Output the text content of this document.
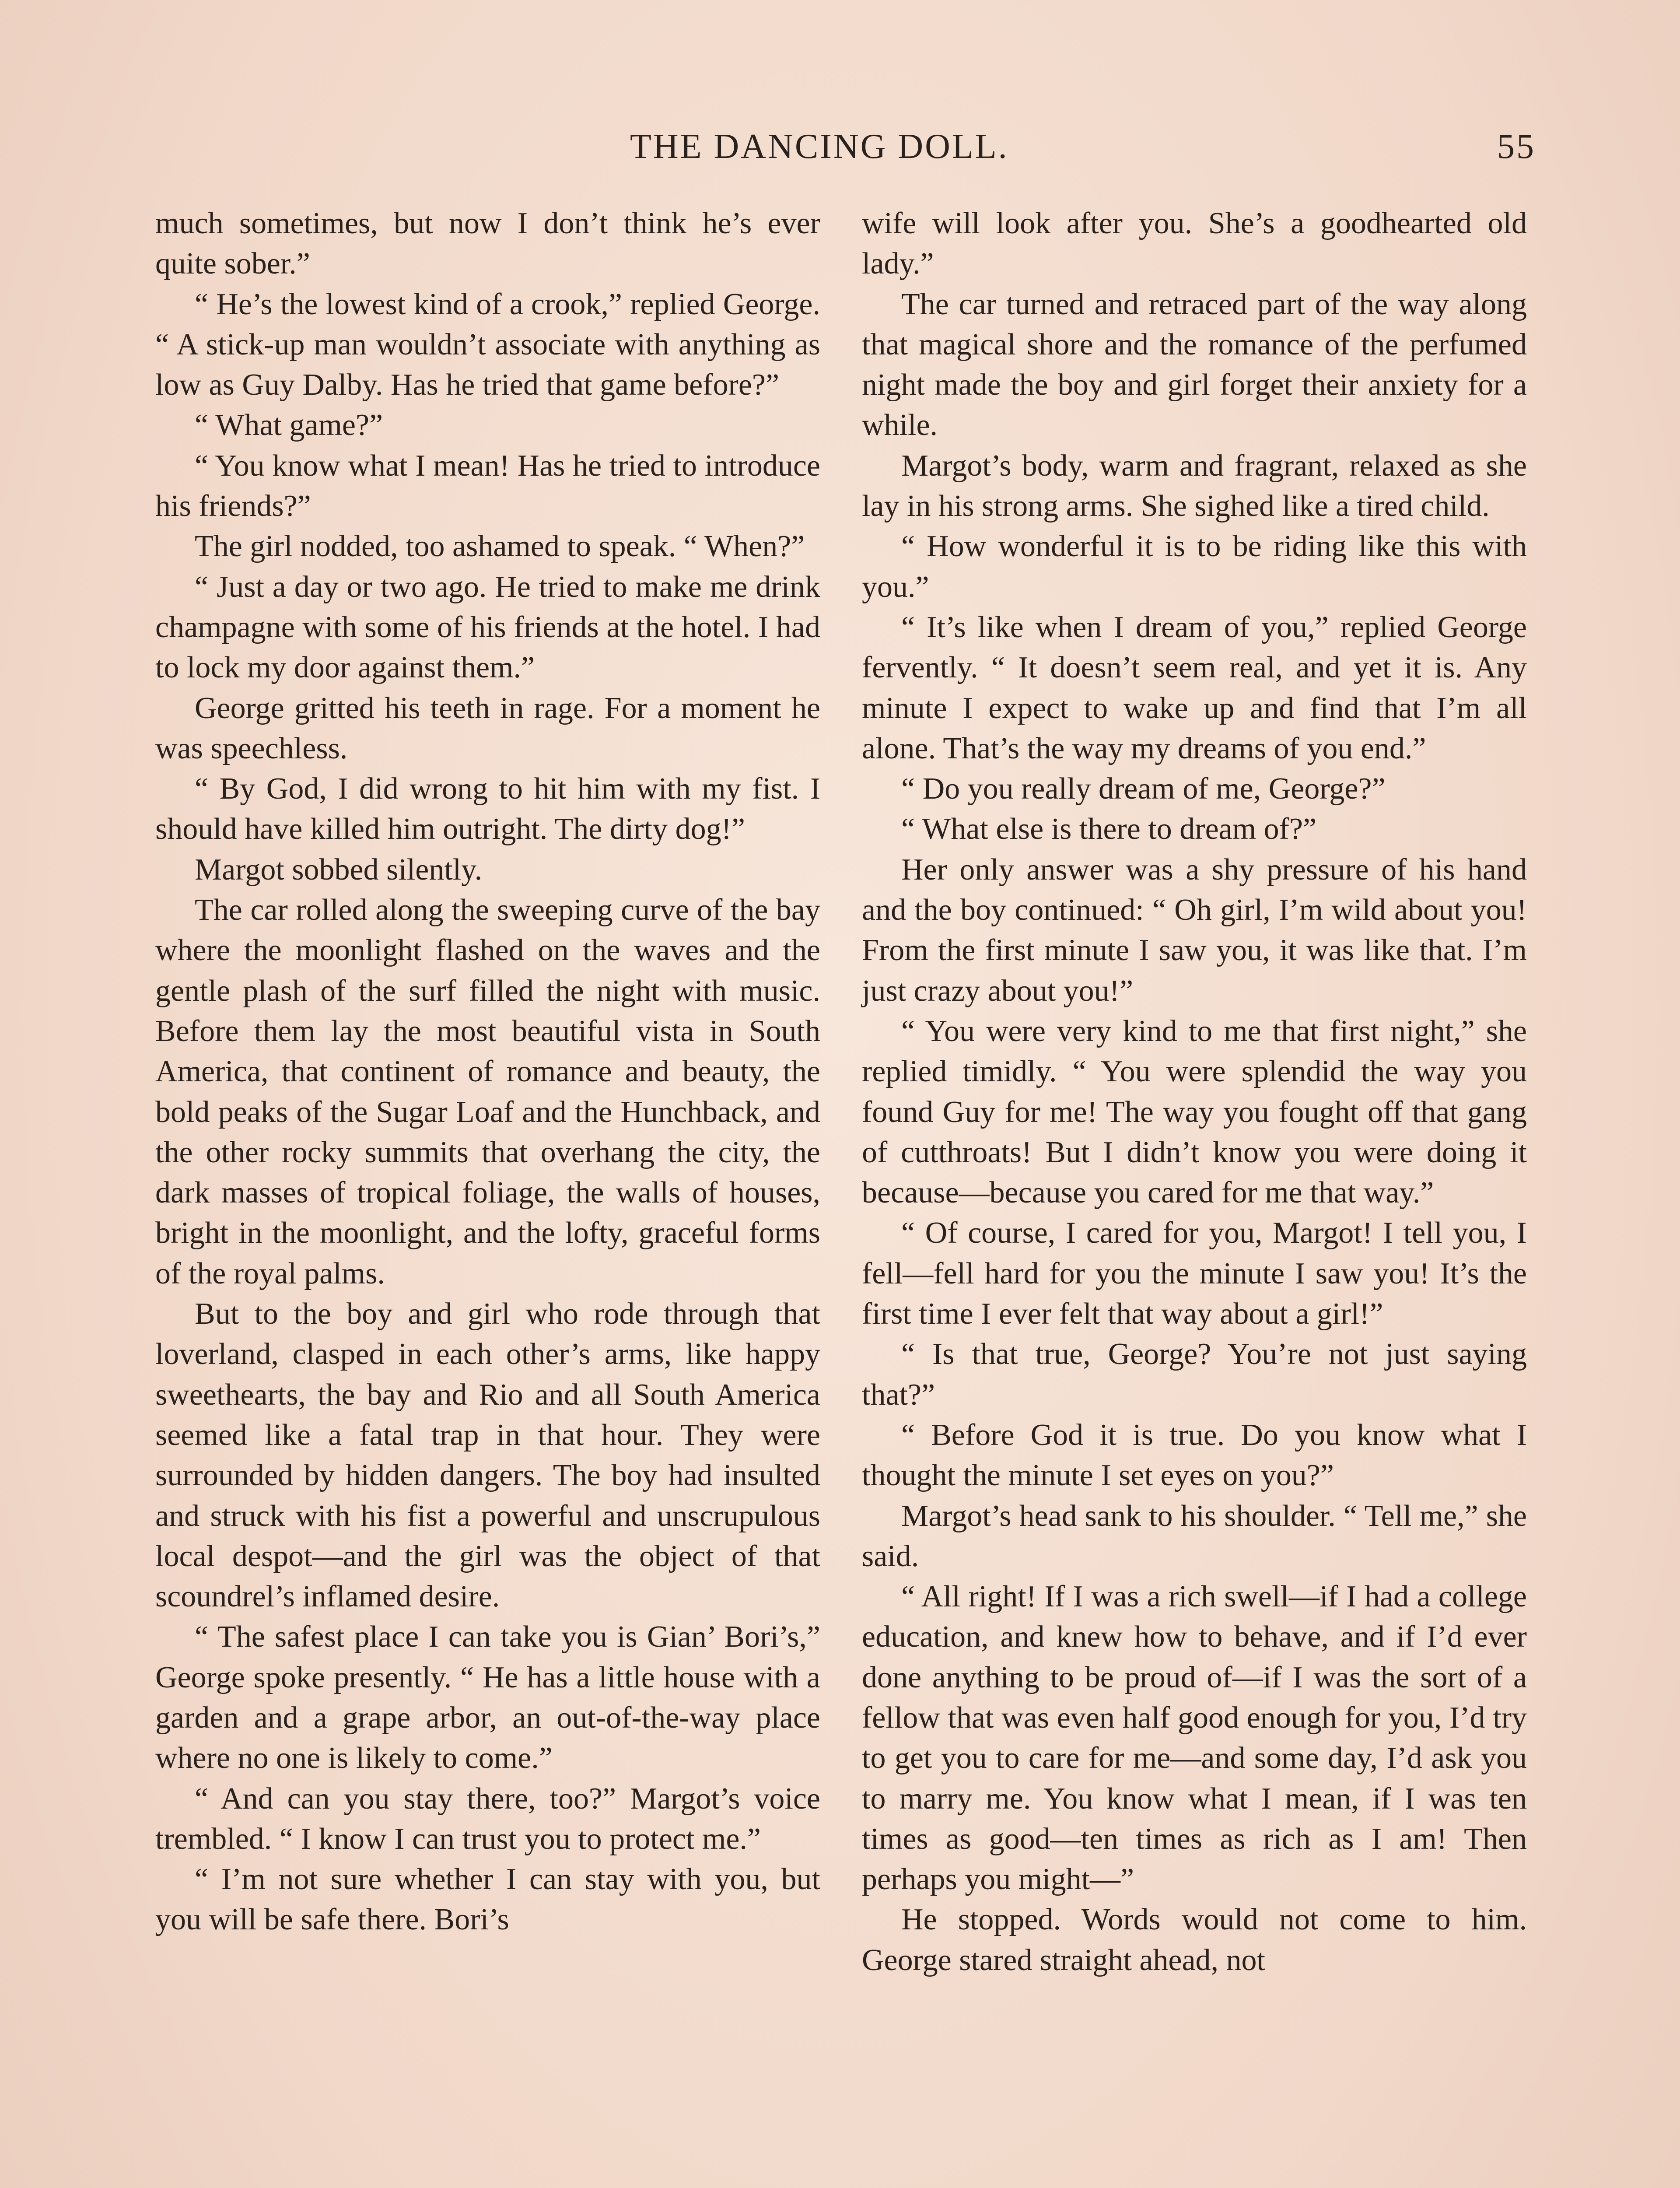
THE DANCING DOLL.	55

much sometimes, but now I don’t think he’s ever quite sober.”

“ He’s the lowest kind of a crook,” replied George. “ A stick-up man wouldn’t associate with anything as low as Guy Dalby. Has he tried that game before?”

“ What game?”

“ You know what I mean! Has he tried to introduce his friends?”

The girl nodded, too ashamed to speak. “ When?”

“ Just a day or two ago. He tried to make me drink champagne with some of his friends at the hotel. I had to lock my door against them.”

George gritted his teeth in rage. For a moment he was speechless.

“ By God, I did wrong to hit him with my fist. I should have killed him outright. The dirty dog!”

Margot sobbed silently.

The car rolled along the sweeping curve of the bay where the moonlight flashed on the waves and the gentle plash of the surf filled the night with music. Before them lay the most beautiful vista in South America, that continent of romance and beauty, the bold peaks of the Sugar Loaf and the Hunchback, and the other rocky summits that overhang the city, the dark masses of tropical foliage, the walls of houses, bright in the moonlight, and the lofty, graceful forms of the royal palms.

But to the boy and girl who rode through that loverland, clasped in each other’s arms, like happy sweethearts, the bay and Rio and all South America seemed like a fatal trap in that hour. They were surrounded by hidden dangers. The boy had insulted and struck with his fist a powerful and unscrupulous local despot—and the girl was the object of that scoundrel’s inflamed desire.

“ The safest place I can take you is Gian’ Bori’s,” George spoke presently. “ He has a little house with a garden and a grape arbor, an out-of-the-way place where no one is likely to come.”

“ And can you stay there, too?” Margot’s voice trembled. “ I know I can trust you to protect me.”

“ I’m not sure whether I can stay with you, but you will be safe there. Bori’s

wife will look after you. She’s a goodhearted old lady.”

The car turned and retraced part of the way along that magical shore and the romance of the perfumed night made the boy and girl forget their anxiety for a while.

Margot’s body, warm and fragrant, relaxed as she lay in his strong arms. She sighed like a tired child.

“ How wonderful it is to be riding like this with you.”

“ It’s like when I dream of you,” replied George fervently. “ It doesn’t seem real, and yet it is. Any minute I expect to wake up and find that I’m all alone. That’s the way my dreams of you end.”

“ Do you really dream of me, George?”

“ What else is there to dream of?”

Her only answer was a shy pressure of his hand and the boy continued: “ Oh girl, I’m wild about you! From the first minute I saw you, it was like that. I’m just crazy about you!”

“ You were very kind to me that first night,” she replied timidly. “ You were splendid the way you found Guy for me! The way you fought off that gang of cutthroats! But I didn’t know you were doing it because—because you cared for me that way.”

“ Of course, I cared for you, Margot! I tell you, I fell—fell hard for you the minute I saw you! It’s the first time I ever felt that way about a girl!”

“ Is that true, George? You’re not just saying that?”

“ Before God it is true. Do you know what I thought the minute I set eyes on you?”

Margot’s head sank to his shoulder. “ Tell me,” she said.

“ All right! If I was a rich swell—if I had a college education, and knew how to behave, and if I’d ever done anything to be proud of—if I was the sort of a fellow that was even half good enough for you, I’d try to get you to care for me—and some day, I’d ask you to marry me. You know what I mean, if I was ten times as good—ten times as rich as I am! Then perhaps you might—”

He stopped. Words would not come to him. George stared straight ahead, not
